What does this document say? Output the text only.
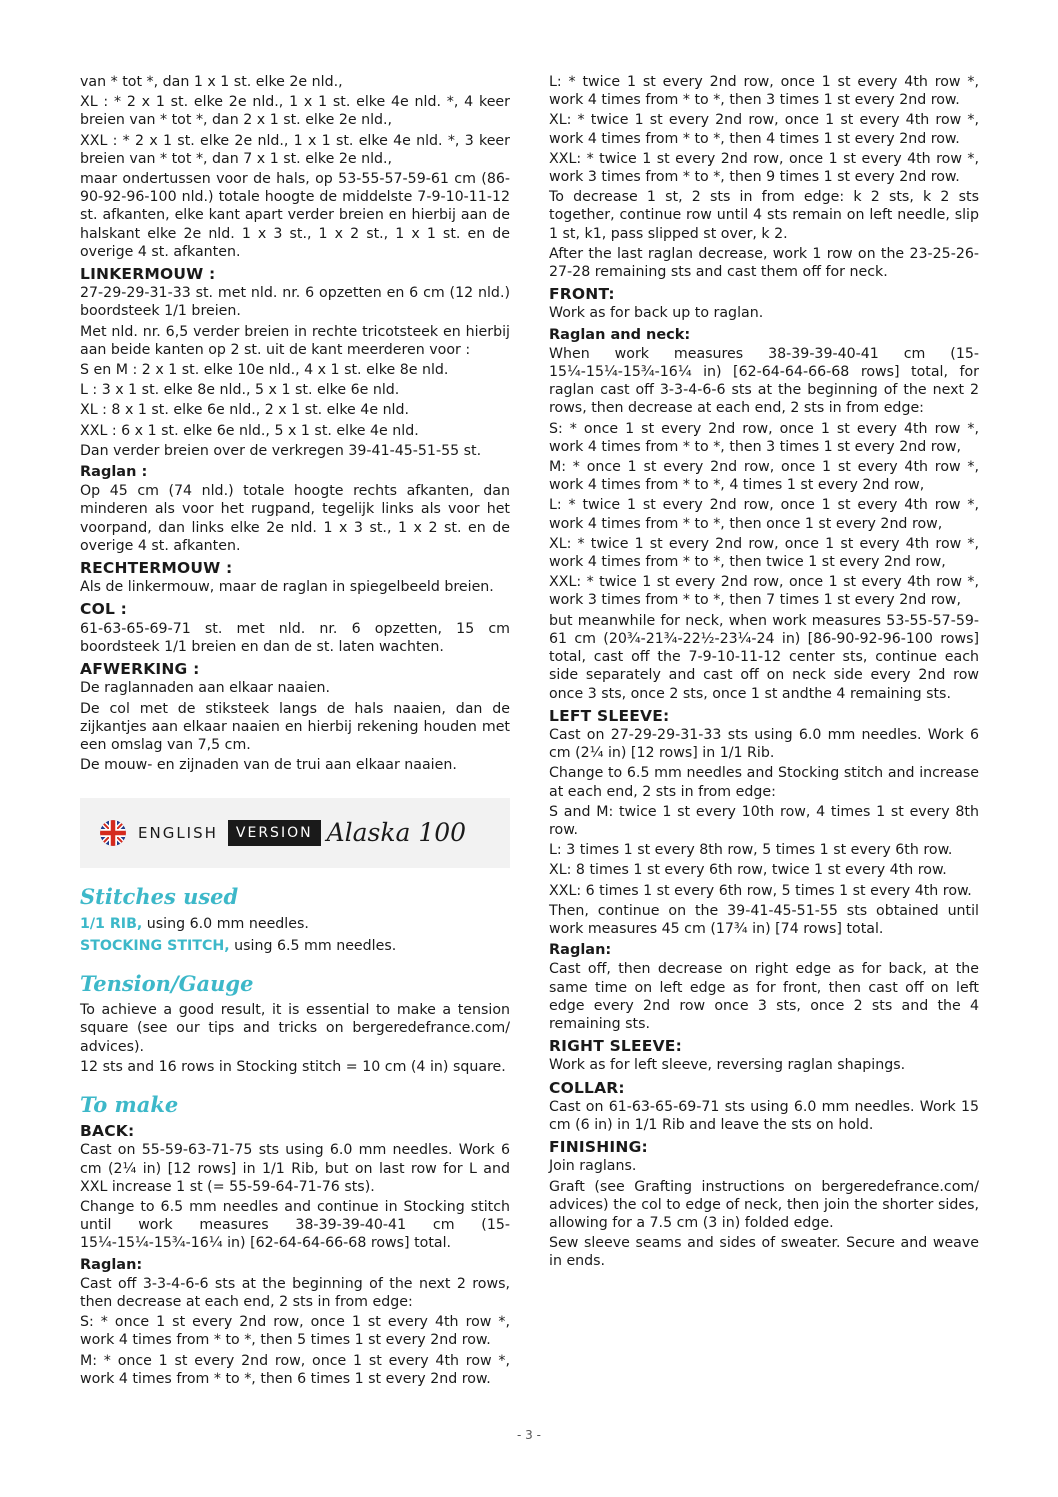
van * tot *, dan 1 x 1 st. elke 2e nld.,

XL : * 2 x 1 st. elke 2e nld., 1 x 1 st. elke 4e nld. *, 4 keer breien van * tot *, dan 2 x 1 st. elke 2e nld.,

XXL : * 2 x 1 st. elke 2e nld., 1 x 1 st. elke 4e nld. *, 3 keer breien van * tot *, dan 7 x 1 st. elke 2e nld.,

maar ondertussen voor de hals, op 53-55-57-59-61 cm (86-90-92-96-100 nld.) totale hoogte de middelste 7-9-10-11-12 st. afkanten, elke kant apart verder breien en hierbij aan de halskant elke 2e nld. 1 x 3 st., 1 x 2 st., 1 x 1 st. en de overige 4 st. afkanten.

LINKERMOUW :

27-29-29-31-33 st. met nld. nr. 6 opzetten en 6 cm (12 nld.) boordsteek 1/1 breien.

Met nld. nr. 6,5 verder breien in rechte tricotsteek en hierbij aan beide kanten op 2 st. uit de kant meerderen voor :

S en M : 2 x 1 st. elke 10e nld., 4 x 1 st. elke 8e nld.

L : 3 x 1 st. elke 8e nld., 5 x 1 st. elke 6e nld.

XL : 8 x 1 st. elke 6e nld., 2 x 1 st. elke 4e nld.

XXL : 6 x 1 st. elke 6e nld., 5 x 1 st. elke 4e nld.

Dan verder breien over de verkregen 39-41-45-51-55 st.

Raglan :

Op 45 cm (74 nld.) totale hoogte rechts afkanten, dan minderen als voor het rugpand, tegelijk links als voor het voorpand, dan links elke 2e nld. 1 x 3 st., 1 x 2 st. en de overige 4 st. afkanten.

RECHTERMOUW :

Als de linkermouw, maar de raglan in spiegelbeeld breien.

COL :

61-63-65-69-71 st. met nld. nr. 6 opzetten, 15 cm boordsteek 1/1 breien en dan de st. laten wachten.

AFWERKING :

De raglannaden aan elkaar naaien.

De col met de stiksteek langs de hals naaien, dan de zijkantjes aan elkaar naaien en hierbij rekening houden met een omslag van 7,5 cm.

De mouw- en zijnaden van de trui aan elkaar naaien.

ENGLISH	VERSION Alaska 100
Stitches used

1/1 RIB, using 6.0 mm needles.

STOCKING STITCH, using 6.5 mm needles.

Tension/Gauge

To achieve a good result, it is essential to make a tension square (see our tips and tricks on bergeredefrance.com/ advices).

12 sts and 16 rows in Stocking stitch = 10 cm (4 in) square.

To make
BACK:

Cast on 55-59-63-71-75 sts using 6.0 mm needles. Work 6 cm (2¼ in) [12 rows] in 1/1 Rib, but on last row for L and XXL increase 1 st (= 55-59-64-71-76 sts).

Change to 6.5 mm needles and continue in Stocking stitch until work measures 38-39-39-40-41 cm (15-15¼-15¼-15¾-16¼ in) [62-64-64-66-68 rows] total.

Raglan:

Cast off 3-3-4-6-6 sts at the beginning of the next 2 rows, then decrease at each end, 2 sts in from edge:

S: * once 1 st every 2nd row, once 1 st every 4th row *, work 4 times from * to *, then 5 times 1 st every 2nd row.

M: * once 1 st every 2nd row, once 1 st every 4th row *, work 4 times from * to *, then 6 times 1 st every 2nd row.

L: * twice 1 st every 2nd row, once 1 st every 4th row *, work 4 times from * to *, then 3 times 1 st every 2nd row.

XL: * twice 1 st every 2nd row, once 1 st every 4th row *, work 4 times from * to *, then 4 times 1 st every 2nd row.

XXL: * twice 1 st every 2nd row, once 1 st every 4th row *, work 3 times from * to *, then 9 times 1 st every 2nd row.

To decrease 1 st, 2 sts in from edge: k 2 sts, k 2 sts together, continue row until 4 sts remain on left needle, slip 1 st, k1, pass slipped st over, k 2.

After the last raglan decrease, work 1 row on the 23-25-26-27-28 remaining sts and cast them off for neck.

FRONT:

Work as for back up to raglan.

Raglan and neck:

When work measures 38-39-39-40-41 cm (15-15¼-15¼-15¾-16¼ in) [62-64-64-66-68 rows] total, for raglan cast off 3-3-4-6-6 sts at the beginning of the next 2 rows, then decrease at each end, 2 sts in from edge:

S: * once 1 st every 2nd row, once 1 st every 4th row *, work 4 times from * to *, then 3 times 1 st every 2nd row,

M: * once 1 st every 2nd row, once 1 st every 4th row *, work 4 times from * to *, 4 times 1 st every 2nd row,

L: * twice 1 st every 2nd row, once 1 st every 4th row *, work 4 times from * to *, then once 1 st every 2nd row,

XL: * twice 1 st every 2nd row, once 1 st every 4th row *, work 4 times from * to *, then twice 1 st every 2nd row,

XXL: * twice 1 st every 2nd row, once 1 st every 4th row *, work 3 times from * to *, then 7 times 1 st every 2nd row,

but meanwhile for neck, when work measures 53-55-57-59-61 cm (20¾-21¾-22½-23¼-24 in) [86-90-92-96-100 rows] total, cast off the 7-9-10-11-12 center sts, continue each side separately and cast off on neck side every 2nd row once 3 sts, once 2 sts, once 1 st andthe 4 remaining sts.

LEFT SLEEVE:

Cast on 27-29-29-31-33 sts using 6.0 mm needles. Work 6 cm (2¼ in) [12 rows] in 1/1 Rib.

Change to 6.5 mm needles and Stocking stitch and increase at each end, 2 sts in from edge:

S and M: twice 1 st every 10th row, 4 times 1 st every 8th row.

L: 3 times 1 st every 8th row, 5 times 1 st every 6th row.

XL: 8 times 1 st every 6th row, twice 1 st every 4th row.

XXL: 6 times 1 st every 6th row, 5 times 1 st every 4th row.

Then, continue on the 39-41-45-51-55 sts obtained until work measures 45 cm (17¾ in) [74 rows] total.

Raglan:

Cast off, then decrease on right edge as for back, at the same time on left edge as for front, then cast off on left edge every 2nd row once 3 sts, once 2 sts and the 4 remaining sts.

RIGHT SLEEVE:

Work as for left sleeve, reversing raglan shapings.

COLLAR:

Cast on 61-63-65-69-71 sts using 6.0 mm needles. Work 15 cm (6 in) in 1/1 Rib and leave the sts on hold.

FINISHING:

Join raglans.

Graft (see Grafting instructions on bergeredefrance.com/ advices) the col to edge of neck, then join the shorter sides, allowing for a 7.5 cm (3 in) folded edge.

Sew sleeve seams and sides of sweater. Secure and weave in ends.

- 3 -
